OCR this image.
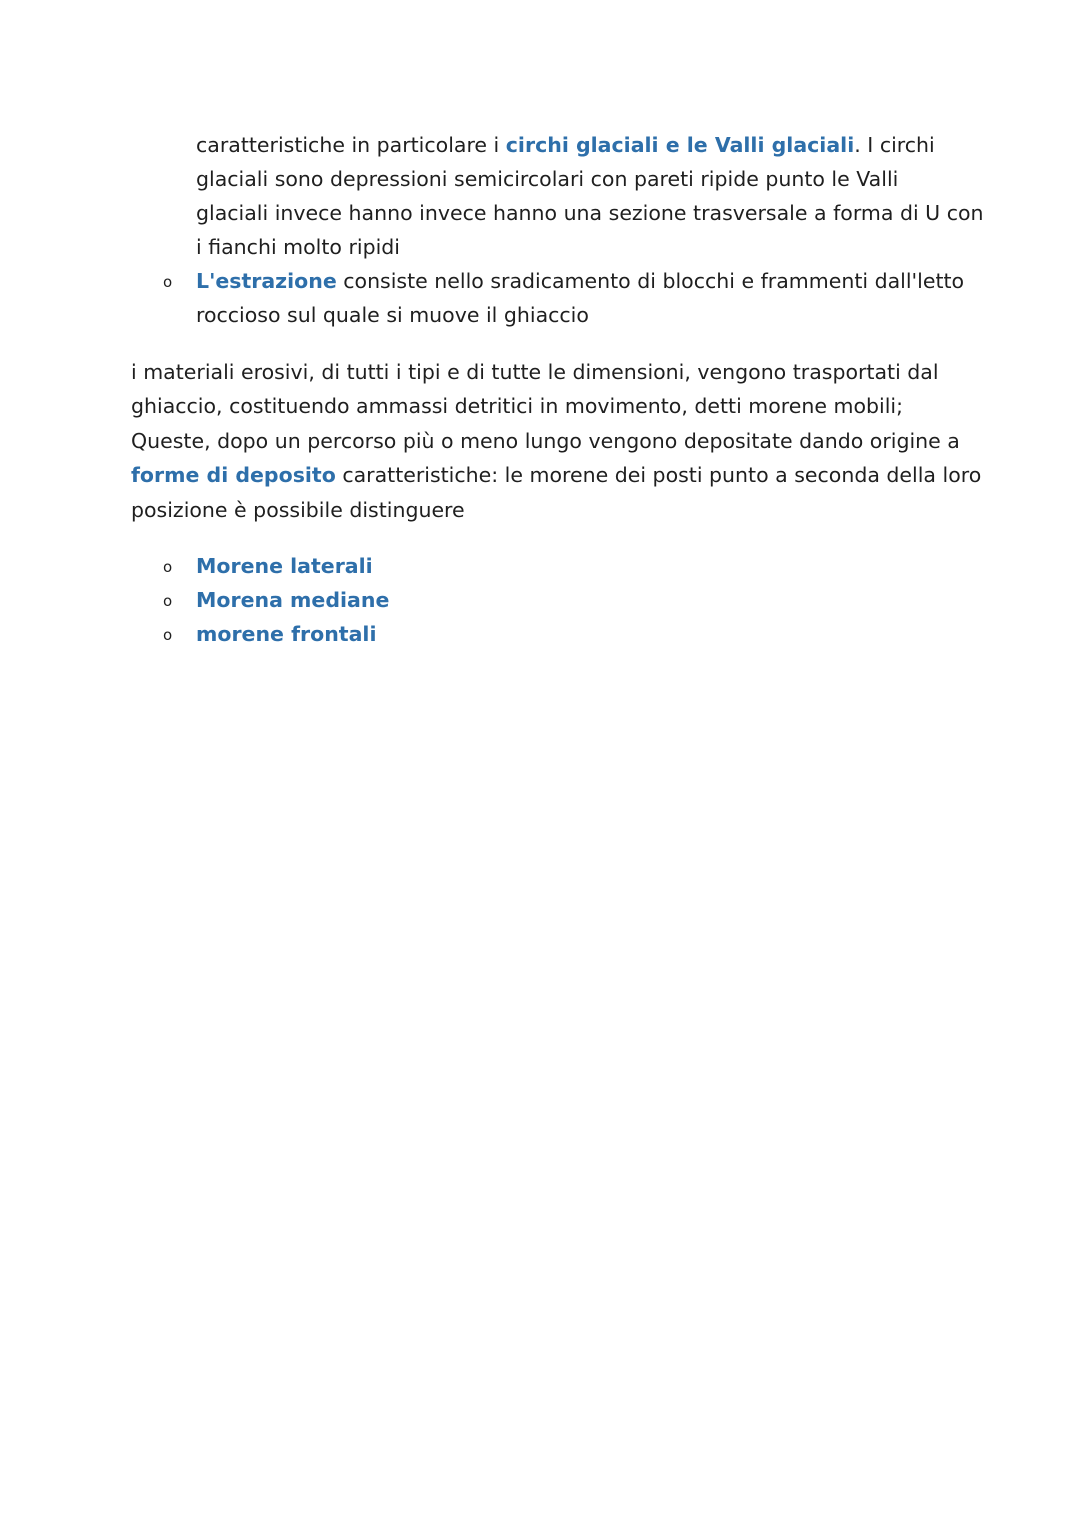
caratteristiche in particolare i circhi glaciali e le Valli glaciali. I circhi
glaciali sono depressioni semicircolari con pareti ripide punto le Valli
glaciali invece hanno invece hanno una sezione trasversale a forma di U con
i fianchi molto ripidi
o L'estrazione consiste nello sradicamento di blocchi e frammenti dall'letto
roccioso sul quale si muove il ghiaccio
i materiali erosivi, di tutti i tipi e di tutte le dimensioni, vengono trasportati dal
ghiaccio, costituendo ammassi detritici in movimento, detti morene mobili;
Queste, dopo un percorso più o meno lungo vengono depositate dando origine a
forme di deposito caratteristiche: le morene dei posti punto a seconda della loro
posizione è possibile distinguere
o Morene laterali
o Morena mediane
o morene frontali
